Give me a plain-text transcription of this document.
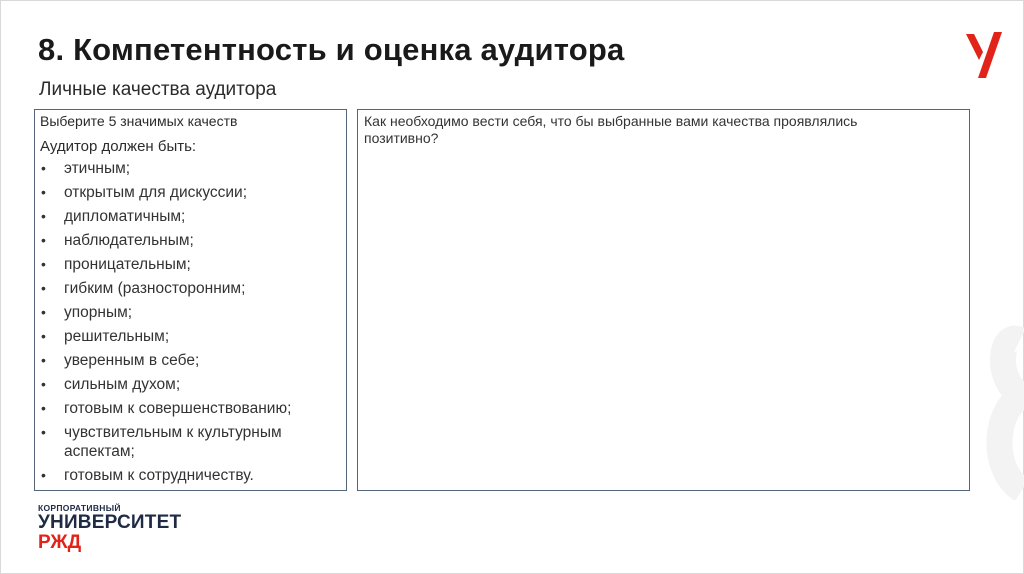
8. Компетентность и оценка аудитора

Личные качества аудитора

Выберите 5 значимых качеств
Аудитор должен быть:
• этичным;
• открытым для дискуссии;
• дипломатичным;
• наблюдательным;
• проницательным;
• гибким (разносторонним;
• упорным;
• решительным;
• уверенным в себе;
• сильным духом;
• готовым к совершенствованию;
• чувствительным к культурным аспектам;
• готовым к сотрудничеству.
Как необходимо вести себя, что бы выбранные вами качества проявлялись позитивно?
КОРПОРАТИВНЫЙ
УНИВЕРСИТЕТ
РЖД
